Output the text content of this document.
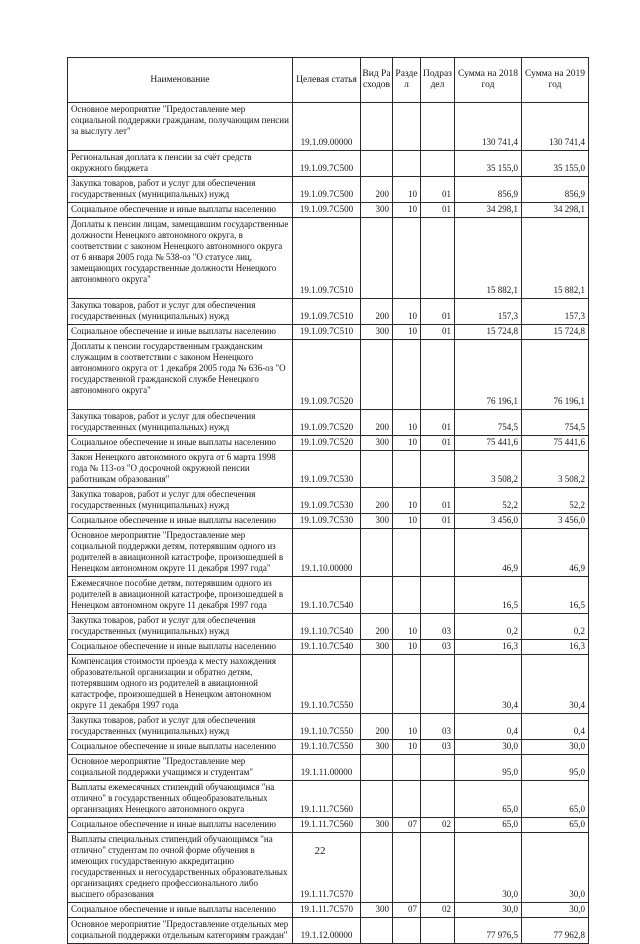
Наименование	Целевая статья	Вид Расходов	Раздел	Подраздел	Сумма на 2018 год	Сумма на 2019 год
Основное мероприятие "Предоставление мер социальной поддержки гражданам, получающим пенсии за выслугу лет"	19.1.09.00000				130 741,4	130 741,4
Региональная доплата к пенсии за счёт средств окружного бюджета	19.1.09.7C500				35 155,0	35 155,0
Закупка товаров, работ и услуг для обеспечения государственных (муниципальных) нужд	19.1.09.7C500	200	10	01	856,9	856,9
Социальное обеспечение и иные выплаты населению	19.1.09.7C500	300	10	01	34 298,1	34 298,1
Доплаты к пенсии лицам, замещавшим государственные должности Ненецкого автономного округа, в соответствии с законом Ненецкого автономного округа от 6 января 2005 года № 538-оз "О статусе лиц, замещающих государственные должности Ненецкого автономного округа"	19.1.09.7C510				15 882,1	15 882,1
Закупка товаров, работ и услуг для обеспечения государственных (муниципальных) нужд	19.1.09.7C510	200	10	01	157,3	157,3
Социальное обеспечение и иные выплаты населению	19.1.09.7C510	300	10	01	15 724,8	15 724,8
Доплаты к пенсии государственным гражданским служащим в соответствии с законом Ненецкого автономного округа от 1 декабря 2005 года № 636-оз "О государственной гражданской службе Ненецкого автономного округа"	19.1.09.7C520				76 196,1	76 196,1
Закупка товаров, работ и услуг для обеспечения государственных (муниципальных) нужд	19.1.09.7C520	200	10	01	754,5	754,5
Социальное обеспечение и иные выплаты населению	19.1.09.7C520	300	10	01	75 441,6	75 441,6
Закон Ненецкого автономного округа от 6 марта 1998 года № 113-оз "О досрочной окружной пенсии работникам образования"	19.1.09.7C530				3 508,2	3 508,2
Закупка товаров, работ и услуг для обеспечения государственных (муниципальных) нужд	19.1.09.7C530	200	10	01	52,2	52,2
Социальное обеспечение и иные выплаты населению	19.1.09.7C530	300	10	01	3 456,0	3 456,0
Основное мероприятие "Предоставление мер социальной поддержки детям, потерявшим одного из родителей в авиационной катастрофе, произошедшей в Ненецком автономном округе 11 декабря 1997 года"	19.1.10.00000				46,9	46,9
Ежемесячное пособие детям, потерявшим одного из родителей в авиационной катастрофе, произошедшей в Ненецком автономном округе 11 декабря 1997 года	19.1.10.7C540				16,5	16,5
Закупка товаров, работ и услуг для обеспечения государственных (муниципальных) нужд	19.1.10.7C540	200	10	03	0,2	0,2
Социальное обеспечение и иные выплаты населению	19.1.10.7C540	300	10	03	16,3	16,3
Компенсация стоимости проезда к месту нахождения образовательной организации и обратно детям, потерявшим одного из родителей в авиационной катастрофе, произошедшей в Ненецком автономном округе 11 декабря 1997 года	19.1.10.7C550				30,4	30,4
Закупка товаров, работ и услуг для обеспечения государственных (муниципальных) нужд	19.1.10.7C550	200	10	03	0,4	0,4
Социальное обеспечение и иные выплаты населению	19.1.10.7C550	300	10	03	30,0	30,0
Основное мероприятие "Предоставление мер социальной поддержки учащимся и студентам"	19.1.11.00000				95,0	95,0
Выплаты ежемесячных стипендий обучающимся "на отлично" в государственных общеобразовательных организациях Ненецкого автономного округа	19.1.11.7C560				65,0	65,0
Социальное обеспечение и иные выплаты населению	19.1.11.7C560	300	07	02	65,0	65,0
Выплаты специальных стипендий обучающимся "на отлично" студентам по очной форме обучения в имеющих государственную аккредитацию государственных и негосударственных образовательных организациях среднего профессионального либо высшего образования	19.1.11.7C570				30,0	30,0
Социальное обеспечение и иные выплаты населению	19.1.11.7C570	300	07	02	30,0	30,0
Основное мероприятие "Предоставление отдельных мер социальной поддержки отдельным категориям граждан"	19.1.12.00000				77 976,5	77 962,8
22
